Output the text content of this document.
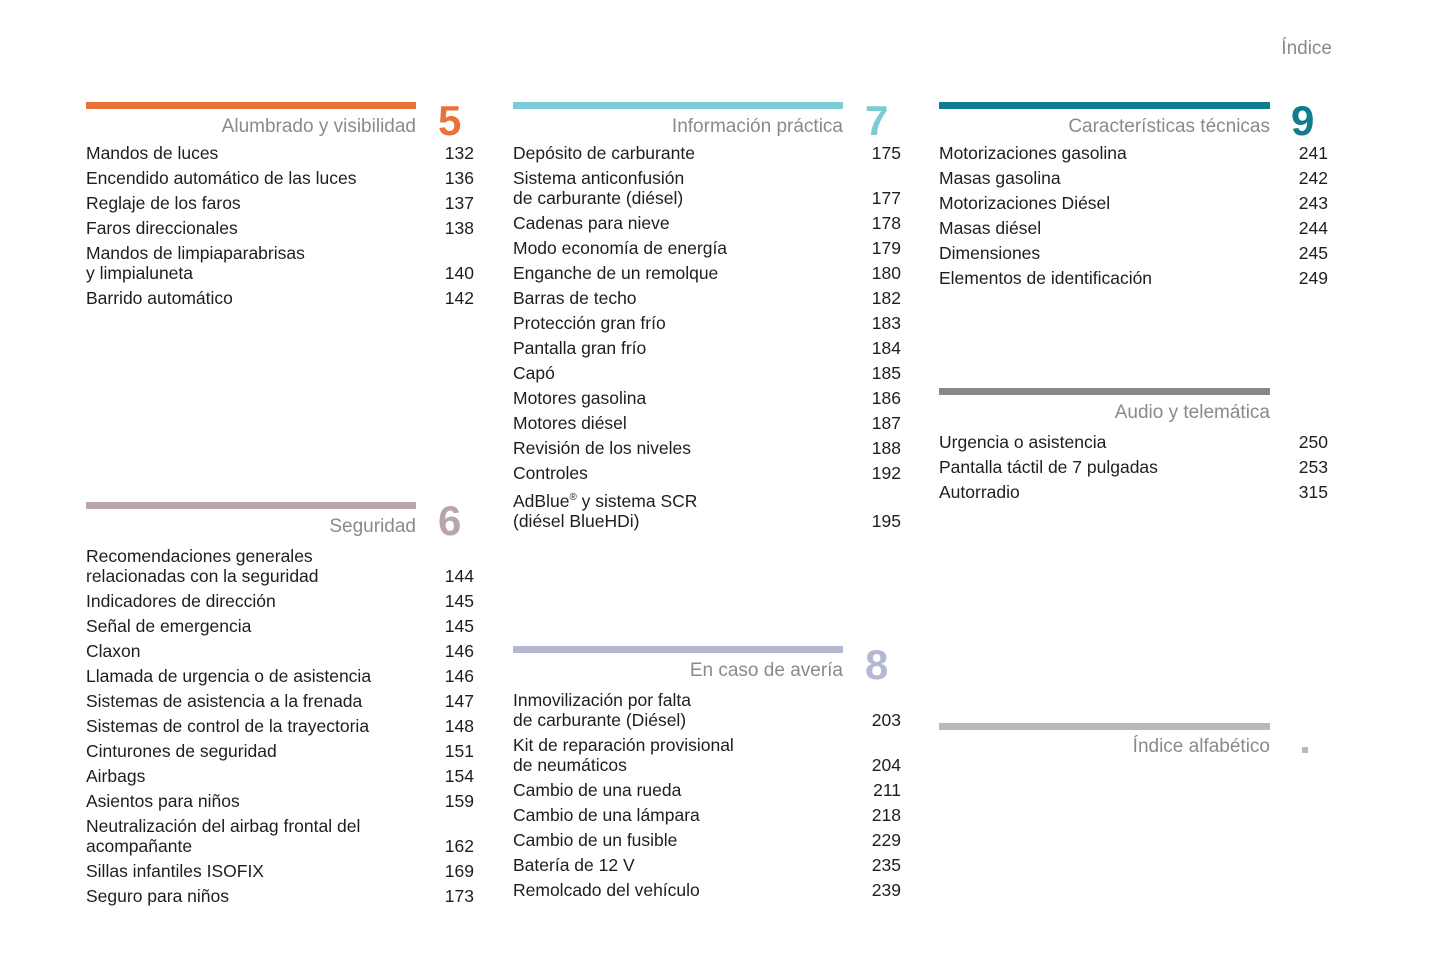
Índice
Alumbrado y visibilidad 5
Mandos de luces	132
Encendido automático de las luces	136
Reglaje de los faros	137
Faros direccionales	138
Mandos de limpiaparabrisas
y limpialuneta	140
Barrido automático	142
Seguridad 6
Recomendaciones generales
relacionadas con la seguridad	144
Indicadores de dirección	145
Señal de emergencia	145
Claxon	146
Llamada de urgencia o de asistencia	146
Sistemas de asistencia a la frenada	147
Sistemas de control de la trayectoria	148
Cinturones de seguridad	151
Airbags	154
Asientos para niños	159
Neutralización del airbag frontal del
acompañante	162
Sillas infantiles ISOFIX	169
Seguro para niños	173
Información práctica 7
Depósito de carburante	175
Sistema anticonfusión
de carburante (diésel)	177
Cadenas para nieve	178
Modo economía de energía	179
Enganche de un remolque	180
Barras de techo	182
Protección gran frío	183
Pantalla gran frío	184
Capó	185
Motores gasolina	186
Motores diésel	187
Revisión de los niveles	188
Controles	192
AdBlue® y sistema SCR
(diésel BlueHDi)	195
En caso de avería 8
Inmovilización por falta
de carburante (Diésel)	203
Kit de reparación provisional
de neumáticos	204
Cambio de una rueda	211
Cambio de una lámpara	218
Cambio de un fusible	229
Batería de 12 V	235
Remolcado del vehículo	239
Características técnicas 9
Motorizaciones gasolina	241
Masas gasolina	242
Motorizaciones Diésel	243
Masas diésel	244
Dimensiones	245
Elementos de identificación	249
Audio y telemática
Urgencia o asistencia	250
Pantalla táctil de 7 pulgadas	253
Autorradio	315
Índice alfabético
